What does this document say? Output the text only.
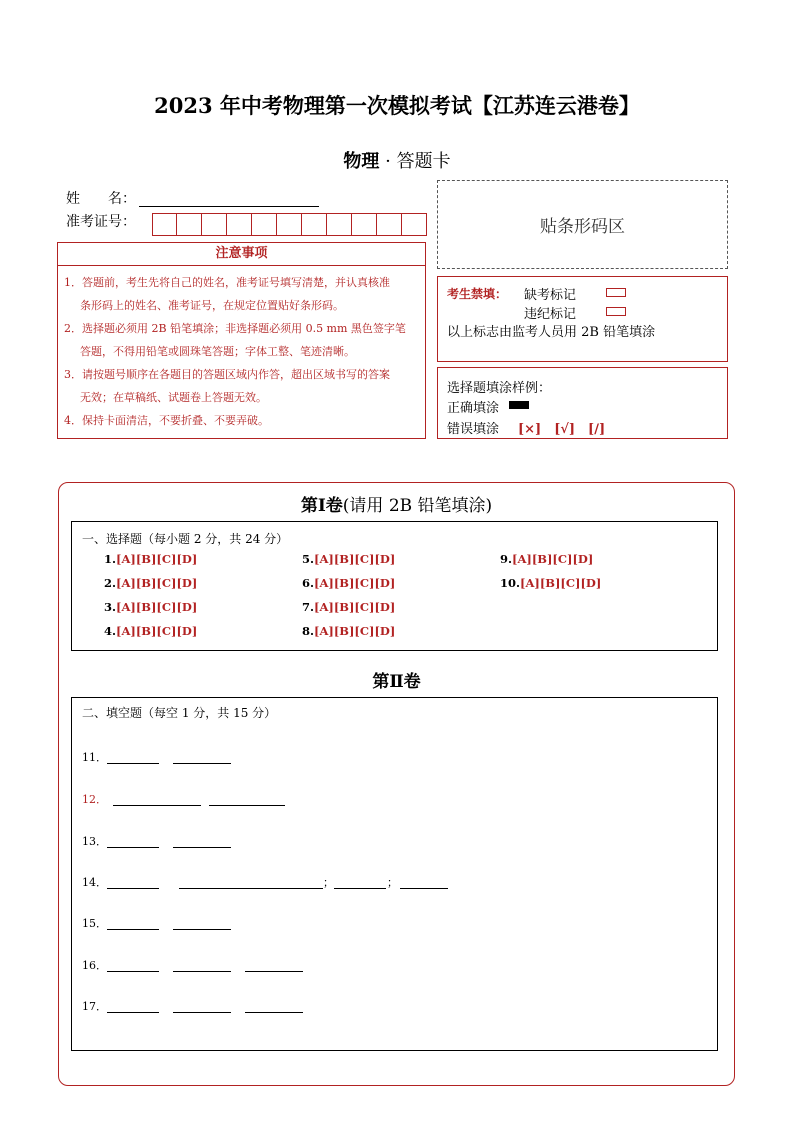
2023 年中考物理第一次模拟考试【江苏连云港卷】
物理 · 答题卡
姓　　名：
准考证号：	贴条形码区
注意事项
1．答题前，考生先将自己的姓名，准考证号填写清楚，并认真核准
条形码上的姓名、准考证号，在规定位置贴好条形码。
2．选择题必须用 2B 铅笔填涂；非选择题必须用 0.5 mm 黑色签字笔
答题，不得用铅笔或圆珠笔答题；字体工整、笔迹清晰。
3．请按题号顺序在各题目的答题区域内作答，超出区域书写的答案
无效；在草稿纸、试题卷上答题无效。
4．保持卡面清洁，不要折叠、不要弄破。
考生禁填： 缺考标记
违纪标记
以上标志由监考人员用 2B 铅笔填涂
选择题填涂样例：
正确填涂
错误填涂 [×]　[√]　[/]
第Ⅰ卷(请用 2B 铅笔填涂)
一、选择题（每小题 2 分，共 24 分）
1.[A][B][C][D]
2.[A][B][C][D]
3.[A][B][C][D]
4.[A][B][C][D]
5.[A][B][C][D]
6.[A][B][C][D]
7.[A][B][C][D]
8.[A][B][C][D]
9.[A][B][C][D]
10.[A][B][C][D]
第Ⅱ卷
二、填空题（每空 1 分，共 15 分）
11．
12．
13．
14．	；	；
15．
16．
17．
